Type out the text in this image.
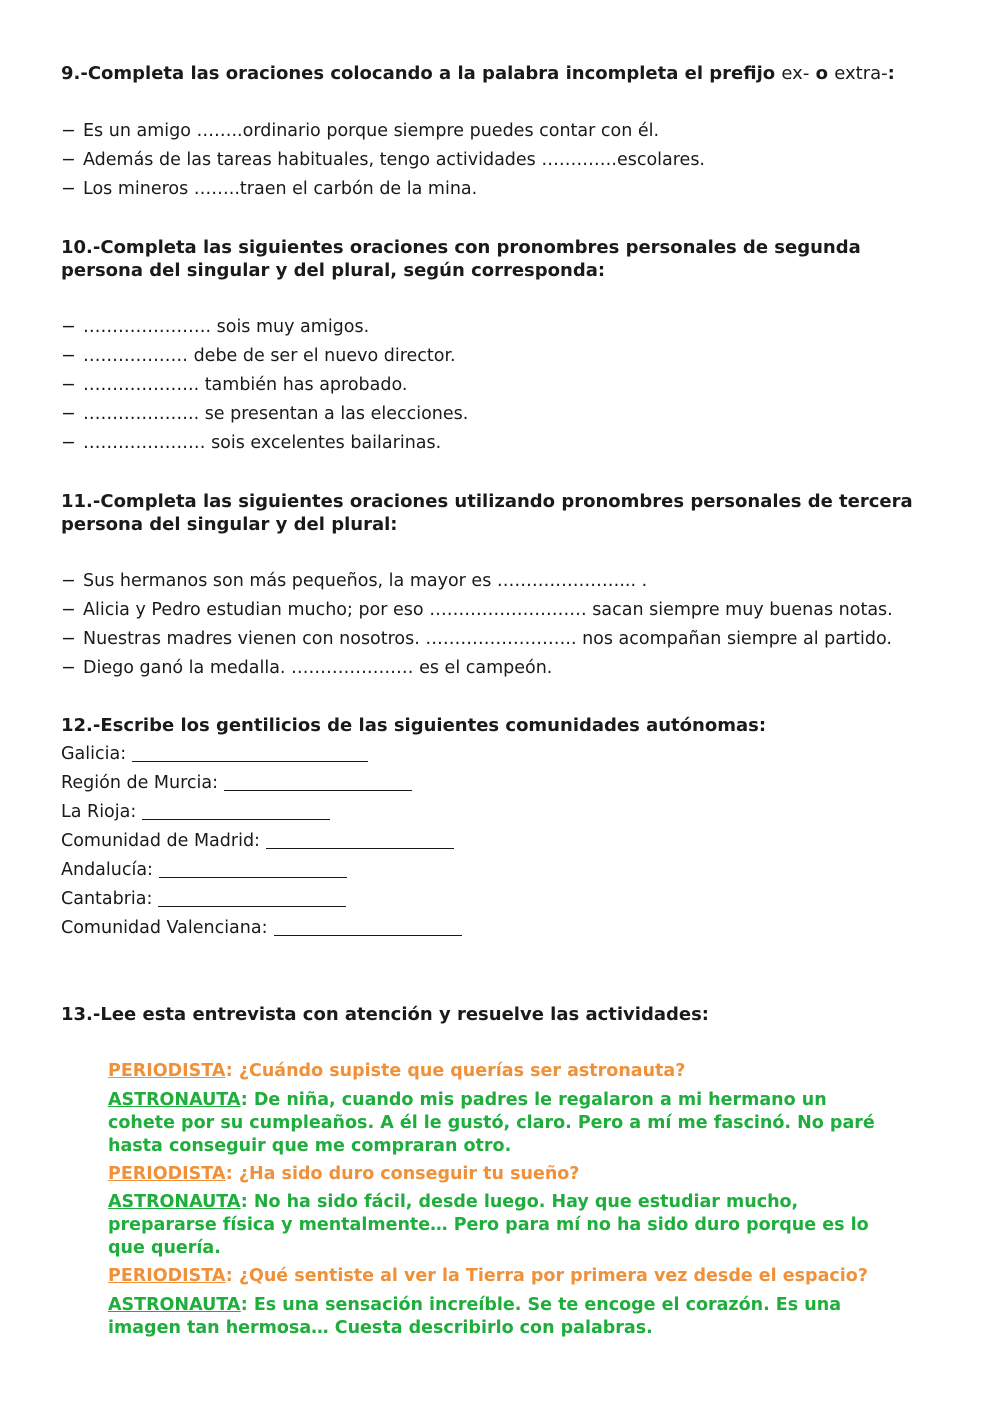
9.-Completa las oraciones colocando a la palabra incompleta el prefijo ex- o extra-:

− Es un amigo ……..ordinario porque siempre puedes contar con él.
− Además de las tareas habituales, tengo actividades ………….escolares.
− Los mineros ……..traen el carbón de la mina.

10.-Completa las siguientes oraciones con pronombres personales de segunda
persona del singular y del plural, según corresponda:

− …………………. sois muy amigos.
− ……………… debe de ser el nuevo director.
− ……………….. también has aprobado.
− ……………….. se presentan a las elecciones.
− ………………… sois excelentes bailarinas.

11.-Completa las siguientes oraciones utilizando pronombres personales de tercera
persona del singular y del plural:

− Sus hermanos son más pequeños, la mayor es …………………... .
− Alicia y Pedro estudian mucho; por eso ……………………… sacan siempre muy buenas notas.
− Nuestras madres vienen con nosotros. …………………….. nos acompañan siempre al partido.
− Diego ganó la medalla. ………………… es el campeón.

12.-Escribe los gentilicios de las siguientes comunidades autónomas:

Galicia:
Región de Murcia:
La Rioja:
Comunidad de Madrid:
Andalucía:
Cantabria:
Comunidad Valenciana:

13.-Lee esta entrevista con atención y resuelve las actividades:

PERIODISTA: ¿Cuándo supiste que querías ser astronauta?
ASTRONAUTA: De niña, cuando mis padres le regalaron a mi hermano un
cohete por su cumpleaños. A él le gustó, claro. Pero a mí me fascinó. No paré
hasta conseguir que me compraran otro.
PERIODISTA: ¿Ha sido duro conseguir tu sueño?
ASTRONAUTA: No ha sido fácil, desde luego. Hay que estudiar mucho,
prepararse física y mentalmente… Pero para mí no ha sido duro porque es lo
que quería.
PERIODISTA: ¿Qué sentiste al ver la Tierra por primera vez desde el espacio?
ASTRONAUTA: Es una sensación increíble. Se te encoge el corazón. Es una
imagen tan hermosa… Cuesta describirlo con palabras.
